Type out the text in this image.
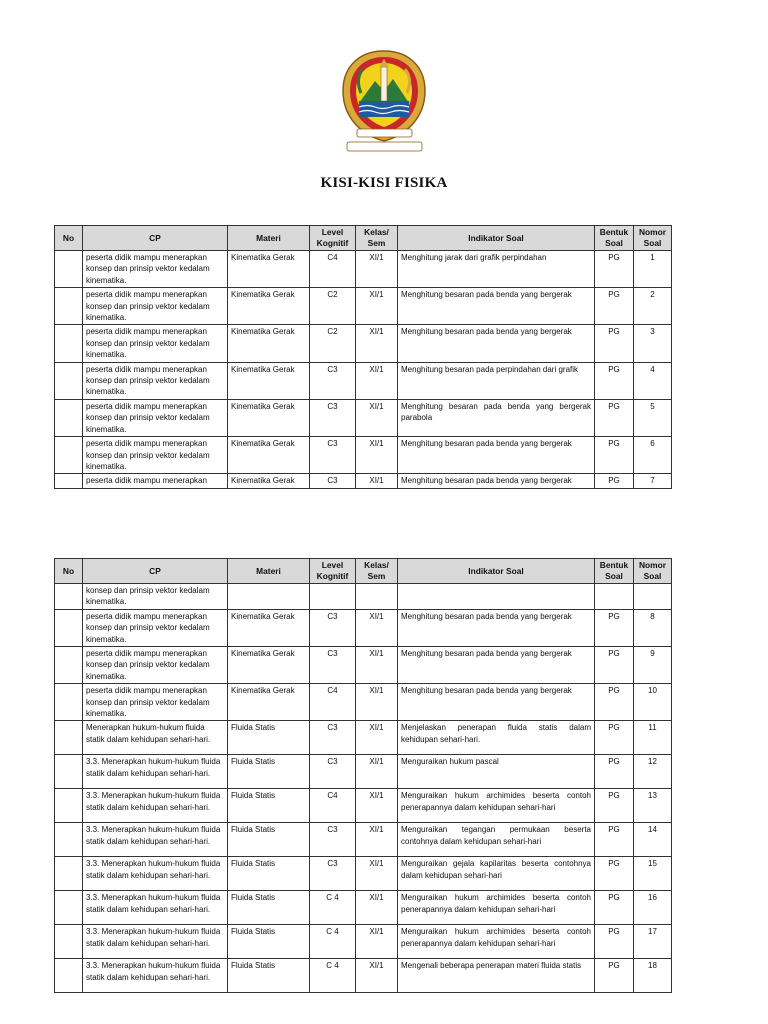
KISI-KISI FISIKA
No	CP	Materi	Level Kognitif	Kelas/ Sem	Indikator Soal	Bentuk Soal	Nomor Soal
	peserta didik mampu menerapkan konsep dan prinsip vektor kedalam kinematika.	Kinematika Gerak	C4	XI/1	Menghitung jarak dari grafik perpindahan	PG	1
	peserta didik mampu menerapkan konsep dan prinsip vektor kedalam kinematika.	Kinematika Gerak	C2	XI/1	Menghitung besaran pada benda yang bergerak	PG	2
	peserta didik mampu menerapkan konsep dan prinsip vektor kedalam kinematika.	Kinematika Gerak	C2	XI/1	Menghitung besaran pada benda yang bergerak	PG	3
	peserta didik mampu menerapkan konsep dan prinsip vektor kedalam kinematika.	Kinematika Gerak	C3	XI/1	Menghitung besaran pada perpindahan dari grafik	PG	4
	peserta didik mampu menerapkan konsep dan prinsip vektor kedalam kinematika.	Kinematika Gerak	C3	XI/1	Menghitung besaran pada benda yang bergerak parabola	PG	5
	peserta didik mampu menerapkan konsep dan prinsip vektor kedalam kinematika.	Kinematika Gerak	C3	XI/1	Menghitung besaran pada benda yang bergerak	PG	6
	peserta didik mampu menerapkan	Kinematika Gerak	C3	XI/1	Menghitung besaran pada benda yang bergerak	PG	7
No	CP	Materi	Level Kognitif	Kelas/ Sem	Indikator Soal	Bentuk Soal	Nomor Soal
	konsep dan prinsip vektor kedalam kinematika.						
	peserta didik mampu menerapkan konsep dan prinsip vektor kedalam kinematika.	Kinematika Gerak	C3	XI/1	Menghitung besaran pada benda yang bergerak	PG	8
	peserta didik mampu menerapkan konsep dan prinsip vektor kedalam kinematika.	Kinematika Gerak	C3	XI/1	Menghitung besaran pada benda yang bergerak	PG	9
	peserta didik mampu menerapkan konsep dan prinsip vektor kedalam kinematika.	Kinematika Gerak	C4	XI/1	Menghitung besaran pada benda yang bergerak	PG	10
	Menerapkan hukum-hukum fluida statik dalam kehidupan sehari-hari.	Fluida Statis	C3	XI/1	Menjelaskan penerapan fluida statis dalam kehidupan sehari-hari.	PG	11
	3.3. Menerapkan hukum-hukum fluida statik dalam kehidupan sehari-hari.	Fluida Statis	C3	XI/1	Menguraikan hukum pascal	PG	12
	3.3. Menerapkan hukum-hukum fluida statik dalam kehidupan sehari-hari.	Fluida Statis	C4	XI/1	Menguraikan hukum archimides beserta contoh penerapannya dalam kehidupan sehari-hari	PG	13
	3.3. Menerapkan hukum-hukum fluida statik dalam kehidupan sehari-hari.	Fluida Statis	C3	XI/1	Menguraikan tegangan permukaan beserta contohnya dalam kehidupan sehari-hari	PG	14
	3.3. Menerapkan hukum-hukum fluida statik dalam kehidupan sehari-hari.	Fluida Statis	C3	XI/1	Menguraikan gejala kapilaritas beserta contohnya dalam kehidupan sehari-hari	PG	15
	3.3. Menerapkan hukum-hukum fluida statik dalam kehidupan sehari-hari.	Fluida Statis	C 4	XI/1	Menguraikan hukum archimides beserta contoh penerapannya dalam kehidupan sehari-hari	PG	16
	3.3. Menerapkan hukum-hukum fluida statik dalam kehidupan sehari-hari.	Fluida Statis	C 4	XI/1	Menguraikan hukum archimides beserta contoh penerapannya dalam kehidupan sehari-hari	PG	17
	3.3. Menerapkan hukum-hukum fluida statik dalam kehidupan sehari-hari.	Fluida Statis	C 4	XI/1	Mengenali beberapa penerapan materi fluida statis	PG	18
